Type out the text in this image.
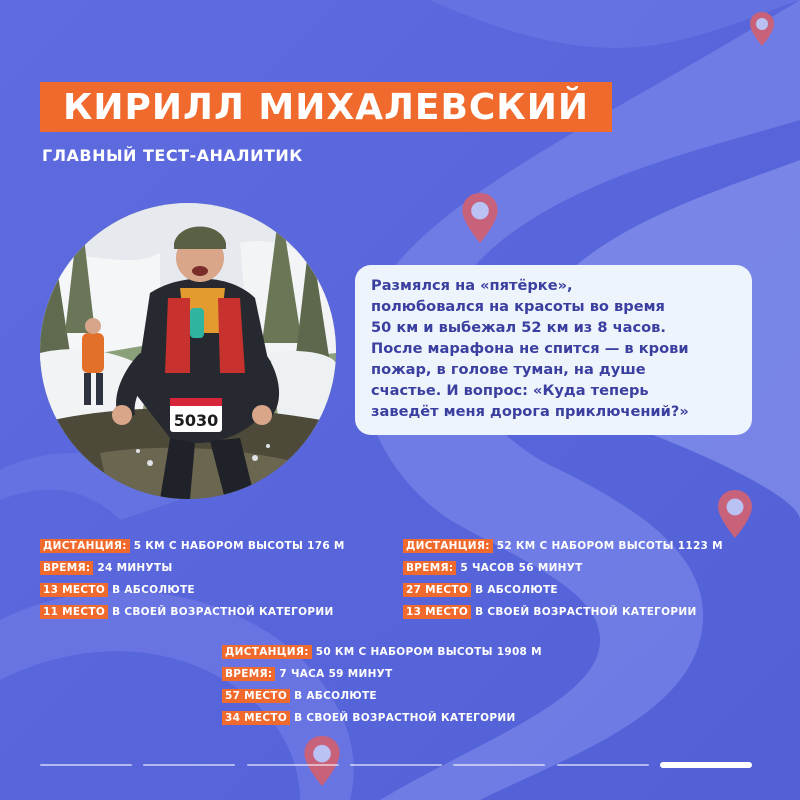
КИРИЛЛ МИХАЛЕВСКИЙ
ГЛАВНЫЙ ТЕСТ-АНАЛИТИК
5030

Размялся на «пятёрке»,
полюбовался на красоты во время
50 км и выбежал 52 км из 8 часов.
После марафона не спится — в крови
пожар, в голове туман, на душе
счастье. И вопрос: «Куда теперь
заведёт меня дорога приключений?»

ДИСТАНЦИЯ: 5 КМ С НАБОРОМ ВЫСОТЫ 176 М
ВРЕМЯ: 24 МИНУТЫ
13 МЕСТО В АБСОЛЮТЕ
11 МЕСТО В СВОЕЙ ВОЗРАСТНОЙ КАТЕГОРИИ
ДИСТАНЦИЯ: 52 КМ С НАБОРОМ ВЫСОТЫ 1123 М
ВРЕМЯ: 5 ЧАСОВ 56 МИНУТ
27 МЕСТО В АБСОЛЮТЕ
13 МЕСТО В СВОЕЙ ВОЗРАСТНОЙ КАТЕГОРИИ
ДИСТАНЦИЯ: 50 КМ С НАБОРОМ ВЫСОТЫ 1908 М
ВРЕМЯ: 7 ЧАСА 59 МИНУТ
57 МЕСТО В АБСОЛЮТЕ
34 МЕСТО В СВОЕЙ ВОЗРАСТНОЙ КАТЕГОРИИ
